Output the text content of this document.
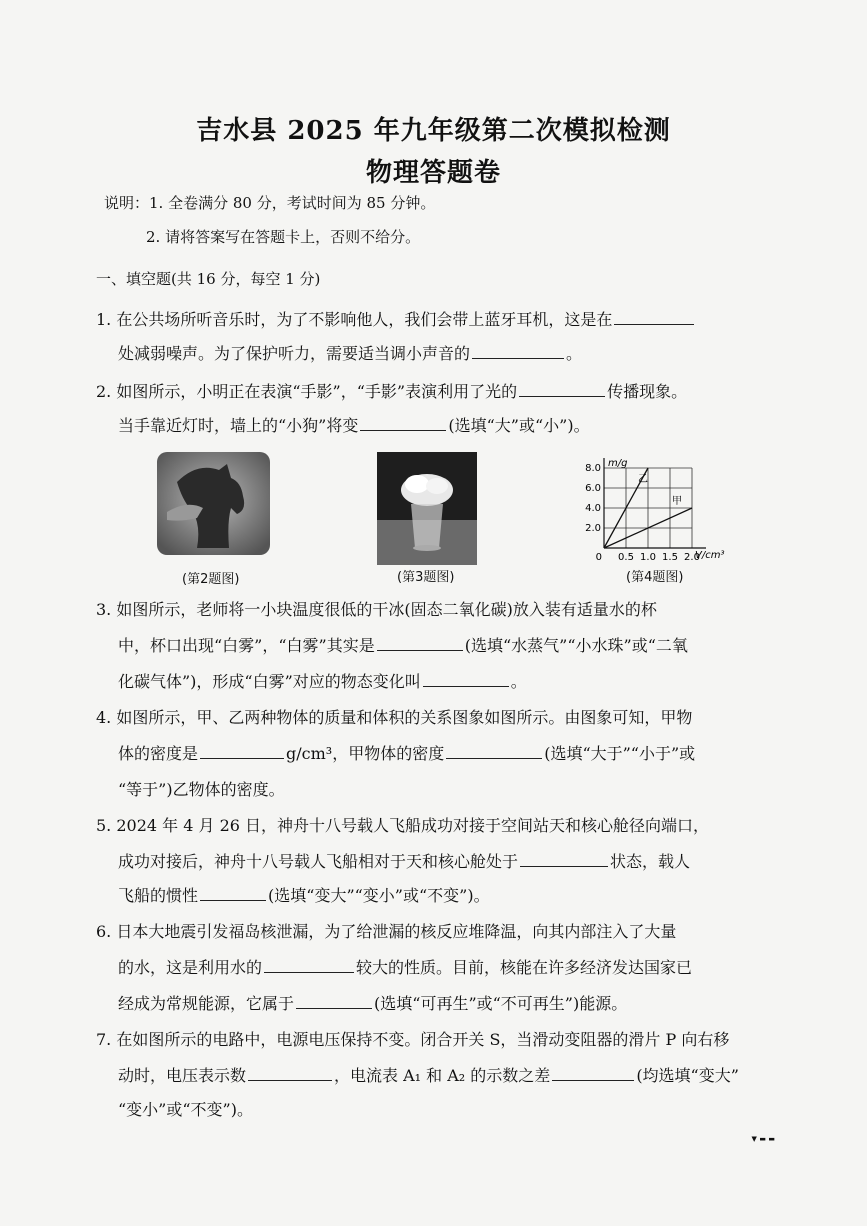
吉水县 2025 年九年级第二次模拟检测
物理答题卷
说明：1. 全卷满分 80 分，考试时间为 85 分钟。
2. 请将答案写在答题卡上，否则不给分。
一、填空题(共 16 分，每空 1 分)
1. 在公共场所听音乐时，为了不影响他人，我们会带上蓝牙耳机，这是在
处减弱噪声。为了保护听力，需要适当调小声音的	。
2. 如图所示，小明正在表演“手影”，“手影”表演利用了光的	传播现象。
当手靠近灯时，墙上的“小狗”将变	(选填“大”或“小”)。
(第2题图)	(第3题图)
0.5 1.0 1.5 2.0
2.0
4.0
6.0
8.0
0
m/g
V/cm³
乙
甲
(第4题图)
3. 如图所示，老师将一小块温度很低的干冰(固态二氧化碳)放入装有适量水的杯
中，杯口出现“白雾”，“白雾”其实是	(选填“水蒸气”“小水珠”或“二氧
化碳气体”)，形成“白雾”对应的物态变化叫	。
4. 如图所示，甲、乙两种物体的质量和体积的关系图象如图所示。由图象可知，甲物
体的密度是	g/cm³，甲物体的密度	(选填“大于”“小于”或
“等于”)乙物体的密度。
5. 2024 年 4 月 26 日，神舟十八号载人飞船成功对接于空间站天和核心舱径向端口，
成功对接后，神舟十八号载人飞船相对于天和核心舱处于	状态，载人
飞船的惯性	(选填“变大”“变小”或“不变”)。
6. 日本大地震引发福岛核泄漏，为了给泄漏的核反应堆降温，向其内部注入了大量
的水，这是利用水的	较大的性质。目前，核能在许多经济发达国家已
经成为常规能源，它属于	(选填“可再生”或“不可再生”)能源。
7. 在如图所示的电路中，电源电压保持不变。闭合开关 S，当滑动变阻器的滑片 P 向右移
动时，电压表示数	，电流表 A₁ 和 A₂ 的示数之差	(均选填“变大”
“变小”或“不变”)。
▼ ▬ ▬
